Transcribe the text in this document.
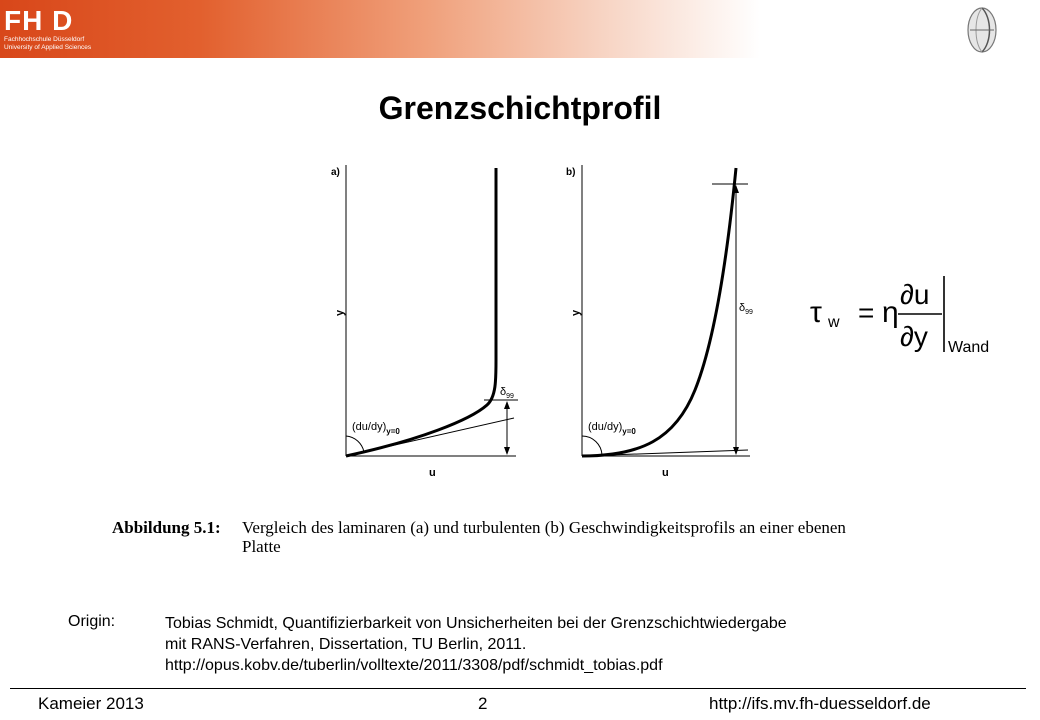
FH D
Fachhochschule Düsseldorf
University of Applied Sciences
Grenzschichtprofil
a)
y
u
$\delta_{99}$
$(du/dy)_{y=0}$
b)
y
u
$\delta_{99}$
$(du/dy)_{y=0}$
τ w = η
∂u
∂y Wand
Abbildung 5.1:	Vergleich des laminaren (a) und turbulenten (b) Geschwindigkeitsprofils an einer ebenen
Platte
Origin:	Tobias Schmidt, Quantifizierbarkeit von Unsicherheiten bei der Grenzschichtwiedergabe
mit RANS-Verfahren, Dissertation, TU Berlin, 2011.
http://opus.kobv.de/tuberlin/volltexte/2011/3308/pdf/schmidt_tobias.pdf
Kameier 2013	2	http://ifs.mv.fh-duesseldorf.de
